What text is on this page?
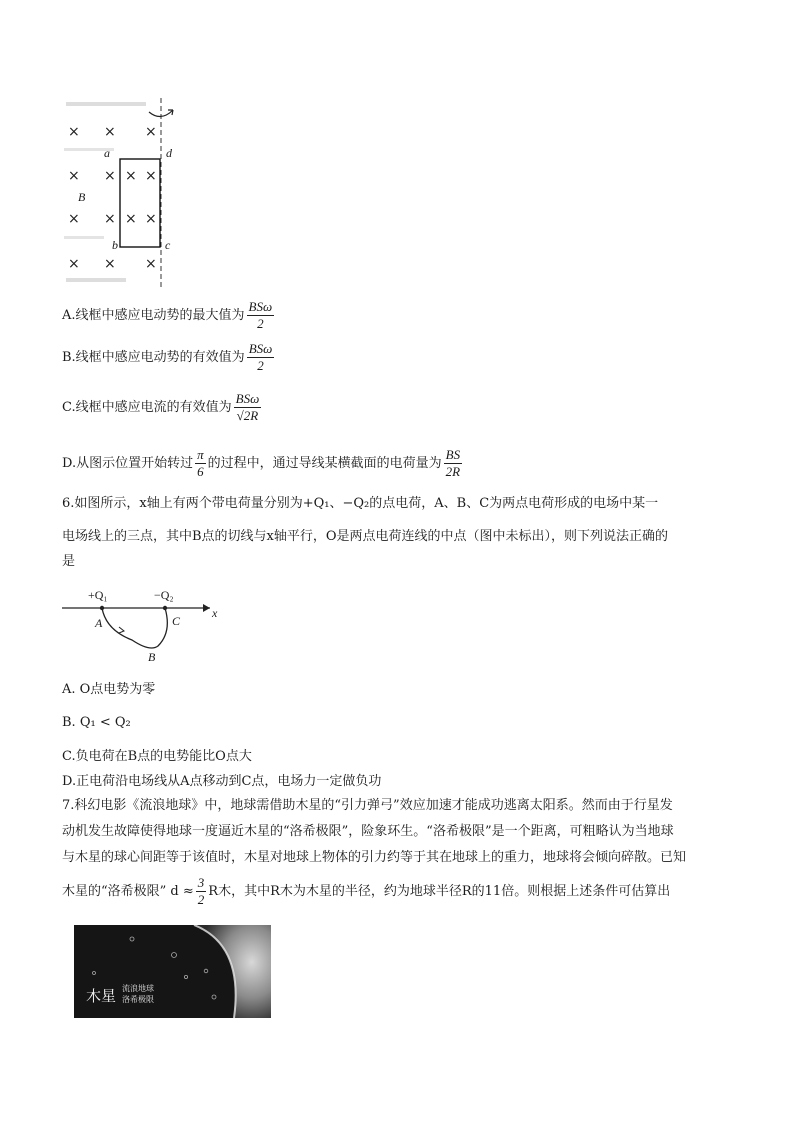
× × ×
× × ×
× × ×
× × ×
×
×
a	d
B
b	c
A.线框中感应电动势的最大值为 $\frac{\text{BSω}}{2}$
B.线框中感应电动势的有效值为 $\frac{\text{BSω}}{2}$
C.线框中感应电流的有效值为 $\frac{\text{BSω}}{√2R}$
D.从图示位置开始转过 $\frac{\pi}{6}$ 的过程中，通过导线某横截面的电荷量为 $\frac{BS}{2R}$
6.如图所示，x轴上有两个带电荷量分别为+Q₁、−Q₂的点电荷，A、B、C为两点电荷形成的电场中某一
电场线上的三点，其中B点的切线与x轴平行，O是两点电荷连线的中点（图中未标出），则下列说法正确的
是
+Q₁	−Q₂
x
A	C
B
A. O点电势为零
B. Q₁ < Q₂
C.负电荷在B点的电势能比O点大
D.正电荷沿电场线从A点移动到C点，电场力一定做负功
7.科幻电影《流浪地球》中，地球需借助木星的“引力弹弓”效应加速才能成功逃离太阳系。然而由于行星发
动机发生故障使得地球一度逼近木星的“洛希极限”，险象环生。“洛希极限”是一个距离，可粗略认为当地球
与木星的球心间距等于该值时，木星对地球上物体的引力约等于其在地球上的重力，地球将会倾向碎散。已知
木星的“洛希极限” $d \approx \frac{3}{2}$ R木，其中R木为木星的半径，约为地球半径R的11倍。则根据上述条件可估算出
木星 流浪地球
洛希极限
